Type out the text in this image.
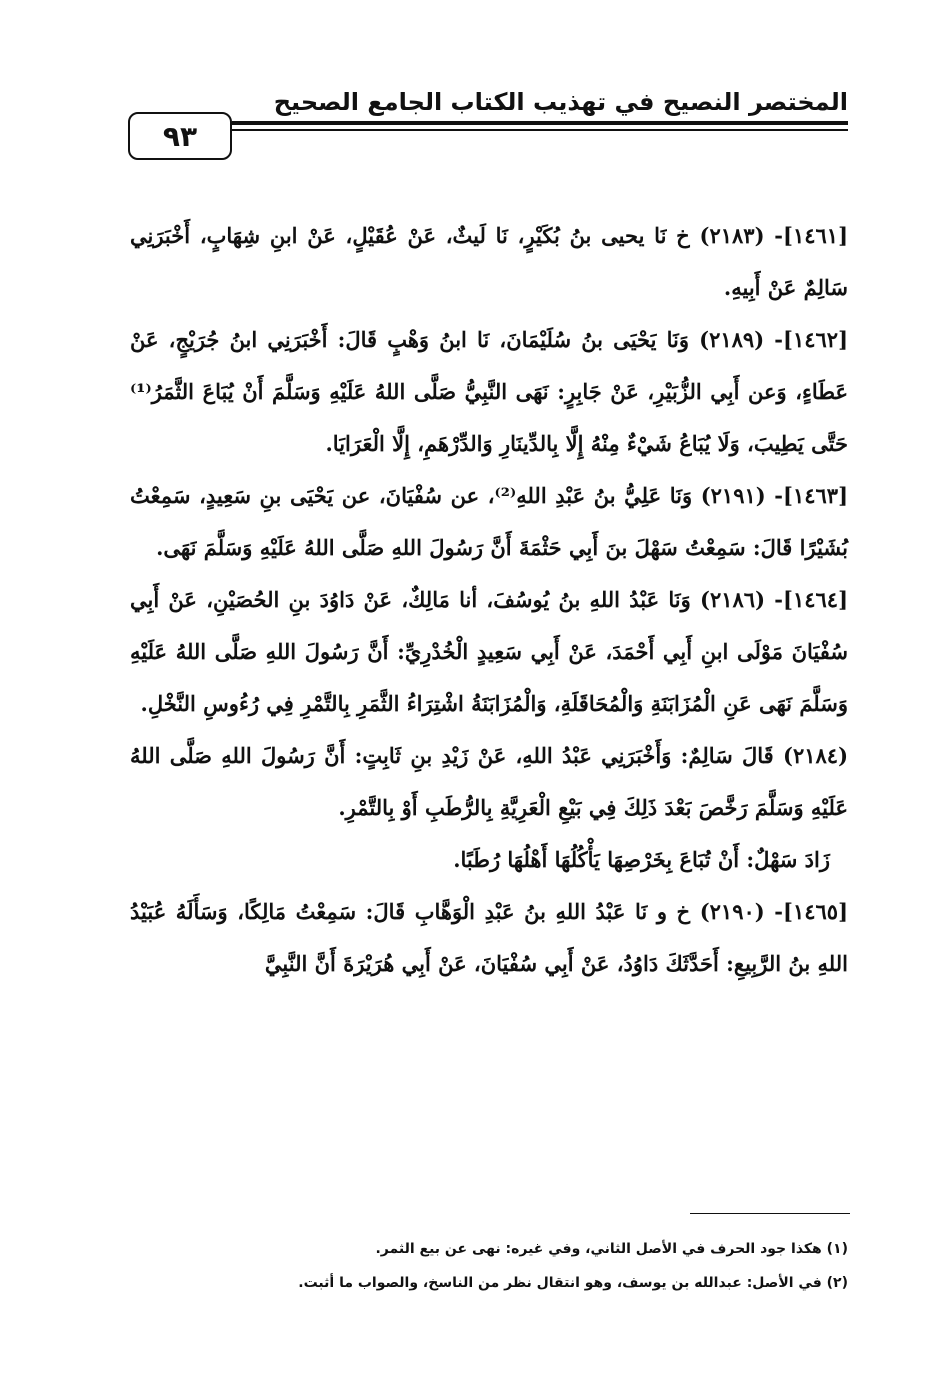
المختصر النصيح في تهذيب الكتاب الجامع الصحيح
٩٣

[١٤٦١]- (٢١٨٣) خ نَا يحيى بنُ بُكَيْرٍ، نَا لَيثٌ، عَنْ عُقَيْلٍ، عَنْ ابنِ شِهَابٍ، أَخْبَرَنِي سَالِمٌ عَنْ أَبِيهِ.

[١٤٦٢]- (٢١٨٩) وَنَا يَحْيَى بنُ سُلَيْمَانَ، نَا ابنُ وَهْبٍ قَالَ: أَخْبَرَنِي ابنُ جُرَيْجٍ، عَنْ عَطَاءٍ، وَعن أَبِي الزُّبَيْرِ، عَنْ جَابِرٍ: نَهَى النَّبِيُّ صَلَّى اللهُ عَلَيْهِ وَسَلَّمَ أَنْ يُبَاعَ الثَّمَرُ⁽¹⁾ حَتَّى يَطِيبَ، وَلَا يُبَاعُ شَيْءٌ مِنْهُ إِلَّا بِالدِّينَارِ وَالدِّرْهَمِ، إِلَّا الْعَرَايَا.

[١٤٦٣]- (٢١٩١) وَنَا عَلِيُّ بنُ عَبْدِ اللهِ⁽²⁾، عن سُفْيَانَ، عن يَحْيَى بنِ سَعِيدٍ، سَمِعْتُ بُشَيْرًا قَالَ: سَمِعْتُ سَهْلَ بنَ أَبِي حَثْمَةَ أَنَّ رَسُولَ اللهِ صَلَّى اللهُ عَلَيْهِ وَسَلَّمَ نَهَى.

[١٤٦٤]- (٢١٨٦) وَنَا عَبْدُ اللهِ بنُ يُوسُفَ، أنا مَالِكٌ، عَنْ دَاوُدَ بنِ الحُصَيْنِ، عَنْ أَبِي سُفْيَانَ مَوْلَى ابنِ أَبِي أَحْمَدَ، عَنْ أَبِي سَعِيدٍ الْخُدْرِيِّ: أَنَّ رَسُولَ اللهِ صَلَّى اللهُ عَلَيْهِ وَسَلَّمَ نَهَى عَنِ الْمُزَابَنَةِ وَالْمُحَاقَلَةِ، وَالْمُزَابَنَةُ اشْتِرَاءُ الثَّمَرِ بِالتَّمْرِ فِي رُءُوسِ النَّخْلِ.

(٢١٨٤) قَالَ سَالِمٌ: وَأَخْبَرَنِي عَبْدُ اللهِ، عَنْ زَيْدِ بنِ ثَابِتٍ: أَنَّ رَسُولَ اللهِ صَلَّى اللهُ عَلَيْهِ وَسَلَّمَ رَخَّصَ بَعْدَ ذَلِكَ فِي بَيْعِ الْعَرِيَّةِ بِالرُّطَبِ أَوْ بِالتَّمْرِ.

زَادَ سَهْلٌ: أَنْ تُبَاعَ بِخَرْصِهَا يَأْكُلُهَا أَهْلُهَا رُطَبًا.

[١٤٦٥]- (٢١٩٠) خ و نَا عَبْدُ اللهِ بنُ عَبْدِ الْوَهَّابِ قَالَ: سَمِعْتُ مَالِكًا، وَسَأَلَهُ عُبَيْدُ اللهِ بنُ الرَّبِيعِ: أَحَدَّثَكَ دَاوُدُ، عَنْ أَبِي سُفْيَانَ، عَنْ أَبِي هُرَيْرَةَ أَنَّ النَّبِيَّ

(١) هكذا جود الحرف في الأصل الثاني، وفي غيره: نهى عن بيع الثمر.

(٢) في الأصل: عبدالله بن يوسف، وهو انتقال نظر من الناسخ، والصواب ما أثبت.
